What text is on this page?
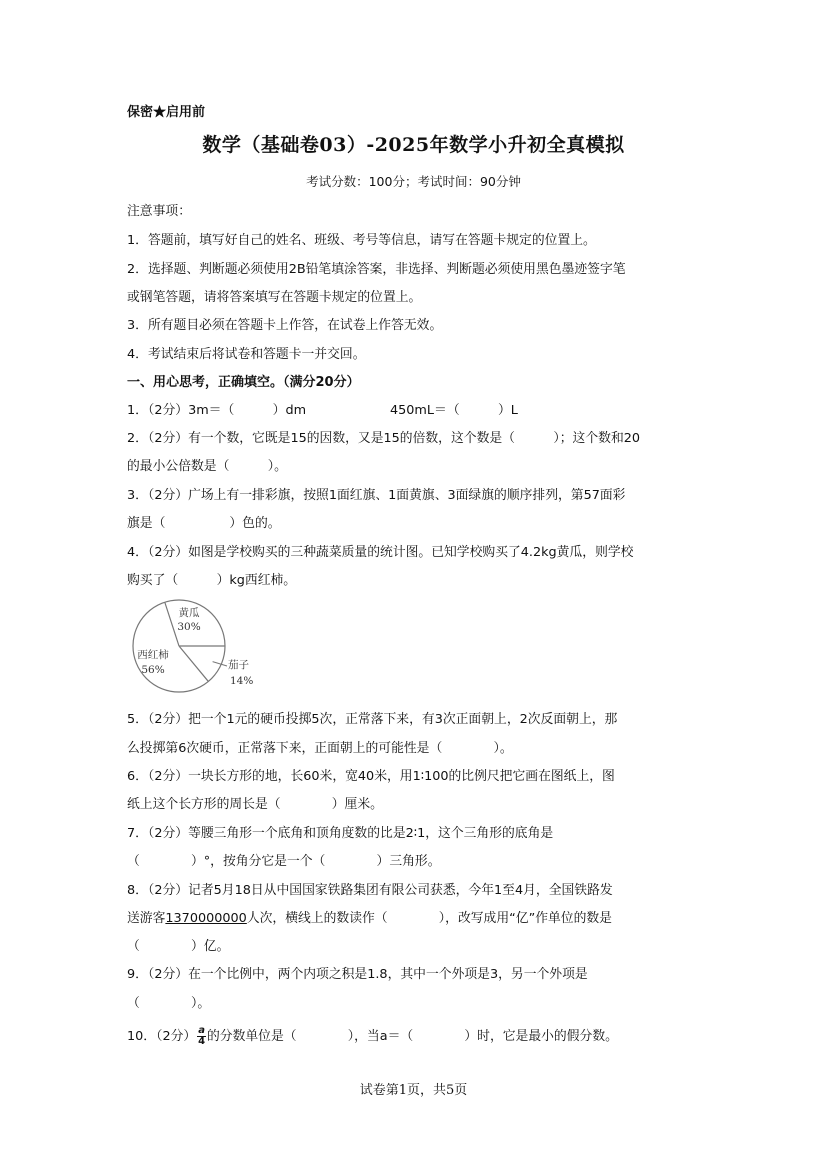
保密★启用前
数学（基础卷03）-2025年数学小升初全真模拟
考试分数：100分；考试时间：90分钟
注意事项：
1．答题前，填写好自己的姓名、班级、考号等信息，请写在答题卡规定的位置上。
2．选择题、判断题必须使用2B铅笔填涂答案，非选择、判断题必须使用黑色墨迹签字笔
或钢笔答题，请将答案填写在答题卡规定的位置上。
3．所有题目必须在答题卡上作答，在试卷上作答无效。
4．考试结束后将试卷和答题卡一并交回。
一、用心思考，正确填空。（满分20分）
1．（2分）3m＝（　　　）dm	450mL＝（　　　）L
2．（2分）有一个数，它既是15的因数，又是15的倍数，这个数是（　　　）；这个数和20
的最小公倍数是（　　　）。
3．（2分）广场上有一排彩旗，按照1面红旗、1面黄旗、3面绿旗的顺序排列，第57面彩
旗是（　　　　　）色的。
4．（2分）如图是学校购买的三种蔬菜质量的统计图。已知学校购买了4.2kg黄瓜，则学校
购买了（　　　）kg西红柿。
黄瓜
30%
西红柿
56%	茄子
14%
5．（2分）把一个1元的硬币投掷5次，正常落下来，有3次正面朝上，2次反面朝上，那
么投掷第6次硬币，正常落下来，正面朝上的可能性是（　　　　）。
6．（2分）一块长方形的地，长60米，宽40米，用1∶100的比例尺把它画在图纸上，图
纸上这个长方形的周长是（　　　　）厘米。
7．（2分）等腰三角形一个底角和顶角度数的比是2∶1，这个三角形的底角是
（　　　　）°，按角分它是一个（　　　　）三角形。
8．（2分）记者5月18日从中国国家铁路集团有限公司获悉，今年1至4月，全国铁路发
送游客1370000000人次，横线上的数读作（　　　　），改写成用“亿”作单位的数是
（　　　　）亿。
9．（2分）在一个比例中，两个内项之积是1.8，其中一个外项是3，另一个外项是
（　　　　）。
10．（2分） $\frac{a}{4}$ 的分数单位是（　　　　），当a＝（　　　　）时，它是最小的假分数。
试卷第1页，共5页
